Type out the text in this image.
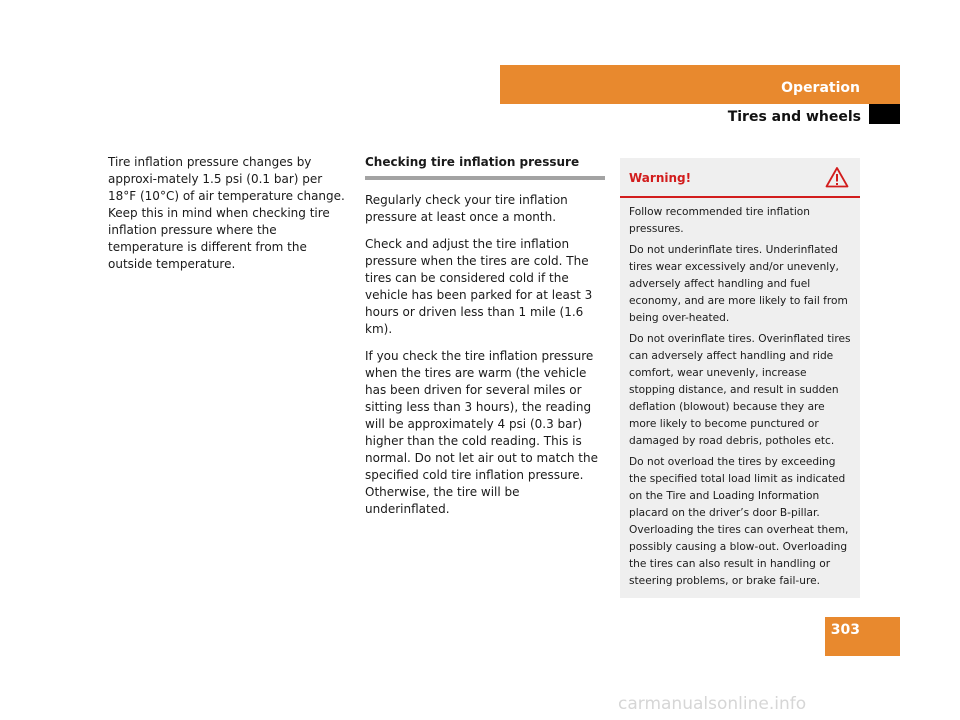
Operation
Tires and wheels

Tire inflation pressure changes by approxi-mately 1.5 psi (0.1 bar) per 18°F (10°C) of air temperature change. Keep this in mind when checking tire inflation pressure where the temperature is different from the outside temperature.

Checking tire inflation pressure

Regularly check your tire inflation pressure at least once a month.

Check and adjust the tire inflation pressure when the tires are cold. The tires can be considered cold if the vehicle has been parked for at least 3 hours or driven less than 1 mile (1.6 km).

If you check the tire inflation pressure when the tires are warm (the vehicle has been driven for several miles or sitting less than 3 hours), the reading will be approximately 4 psi (0.3 bar) higher than the cold reading. This is normal. Do not let air out to match the specified cold tire inflation pressure. Otherwise, the tire will be underinflated.

Warning!

Follow recommended tire inflation pressures.

Do not underinflate tires. Underinflated tires wear excessively and/or unevenly, adversely affect handling and fuel economy, and are more likely to fail from being over-heated.

Do not overinflate tires. Overinflated tires can adversely affect handling and ride comfort, wear unevenly, increase stopping distance, and result in sudden deflation (blowout) because they are more likely to become punctured or damaged by road debris, potholes etc.

Do not overload the tires by exceeding the specified total load limit as indicated on the Tire and Loading Information placard on the driver’s door B-pillar. Overloading the tires can overheat them, possibly causing a blow-out. Overloading the tires can also result in handling or steering problems, or brake fail-ure.

303
carmanualsonline.info
